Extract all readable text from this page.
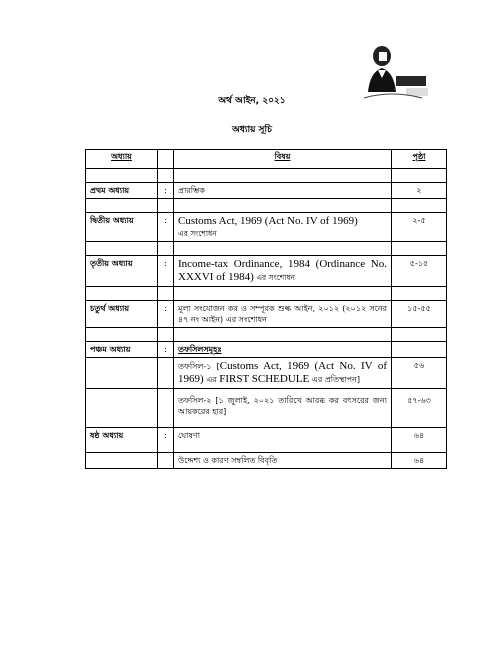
অর্থ আইন, ২০২১
অধ্যায় সূচি
অধ্যায়		বিষয়	পৃষ্ঠা

প্রথম অধ্যায়	:	প্রারম্ভিক	২

দ্বিতীয় অধ্যায়	:	Customs Act, 1969 (Act No. IV of 1969)
এর সংশোধন	২-৫

তৃতীয় অধ্যায়	:	Income-tax Ordinance, 1984 (Ordinance No. XXXVI of 1984) এর সংশোধন	৫-১৫

চতুর্থ অধ্যায়	:	মূল্য সংযোজন কর ও সম্পূরক শুল্ক আইন, ২০১২ (২০১২ সনের ৪৭ নং আইন) এর সংশোধন	১৫-৫৫

পঞ্চম অধ্যায়	:	তফসিলসমূহঃ	
		তফসিল-১ [Customs Act, 1969 (Act No. IV of 1969) এর FIRST SCHEDULE এর প্রতিস্থাপন]	৫৬
		তফসিল-২ [১ জুলাই, ২০২১ তারিখে আরব্ধ কর বৎসরের জন্য আয়করের হার]	৫৭-৬৩
ষষ্ঠ অধ্যায়	:	ঘোষণা	৬৪
		উদ্দেশ্য ও কারণ সম্বলিত বিবৃতি	৬৪
